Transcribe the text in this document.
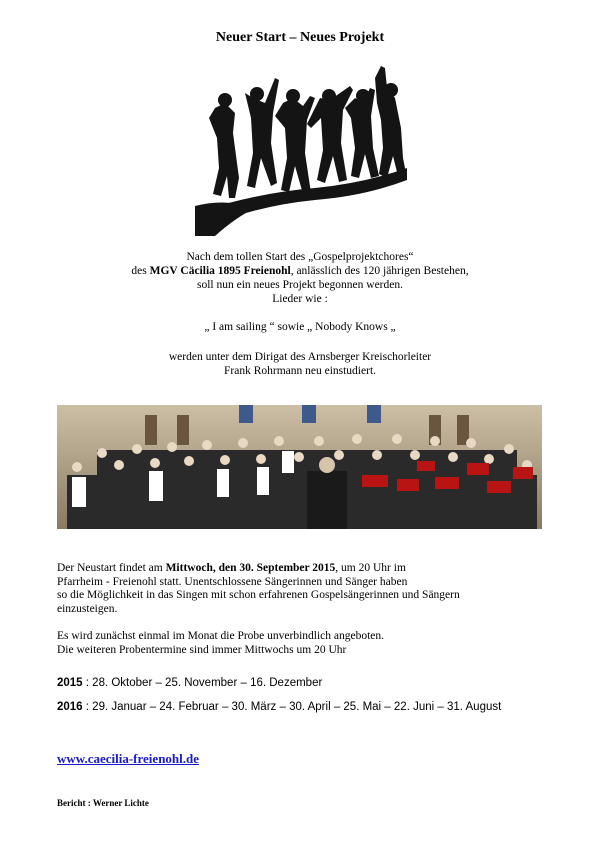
Neuer Start – Neues Projekt

Nach dem tollen Start des „Gospelprojektchores“

des MGV Cäcilia 1895 Freienohl, anlässlich des 120 jährigen Bestehen,

soll nun ein neues Projekt begonnen werden.

Lieder wie :

„ I am sailing “ sowie „ Nobody Knows „

werden unter dem Dirigat des Arnsberger Kreischorleiter

Frank Rohrmann neu einstudiert.

Der Neustart findet am Mittwoch, den 30. September 2015, um 20 Uhr im

Pfarrheim - Freienohl statt. Unentschlossene Sängerinnen und Sänger haben

so die Möglichkeit in das Singen mit schon erfahrenen Gospelsängerinnen und Sängern

einzusteigen.

Es wird zunächst einmal im Monat die Probe unverbindlich angeboten.

Die weiteren Probentermine sind immer Mittwochs um 20 Uhr

2015 : 28. Oktober – 25. November – 16. Dezember
2016 : 29. Januar – 24. Februar – 30. März – 30. April – 25. Mai – 22. Juni – 31. August
www.caecilia-freienohl.de
Bericht : Werner Lichte
